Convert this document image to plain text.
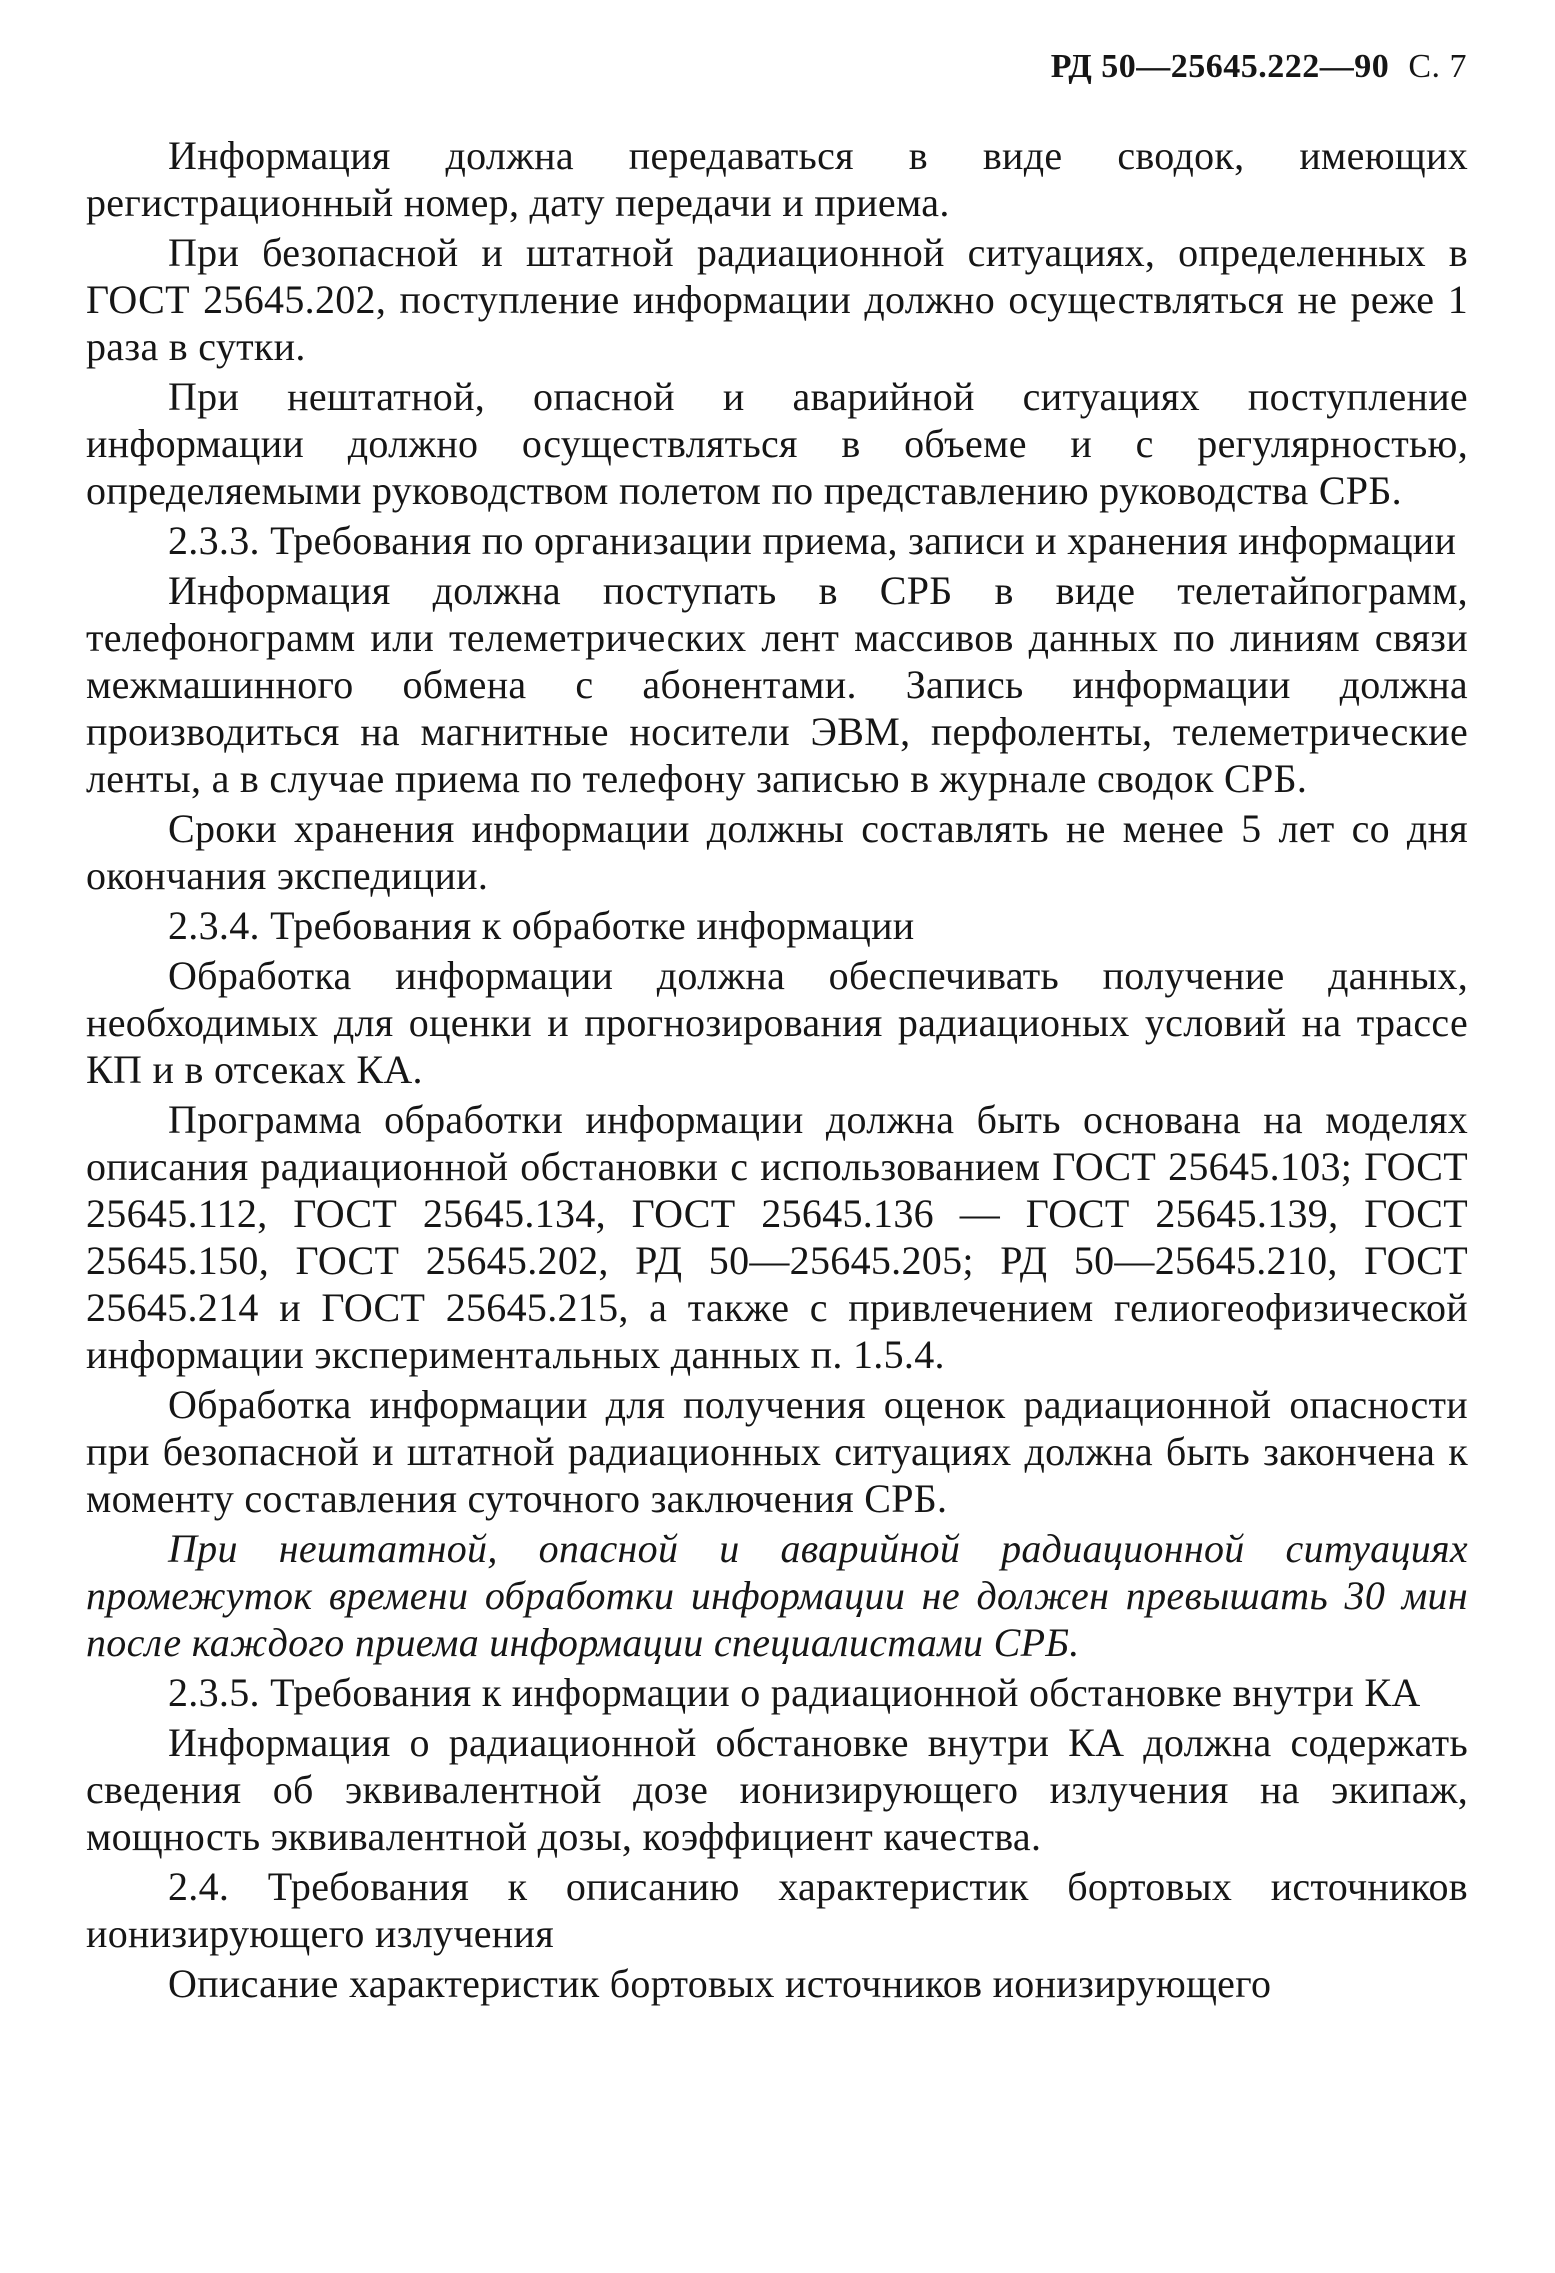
РД 50—25645.222—90 С. 7

Информация должна передаваться в виде сводок, имеющих регистрационный номер, дату передачи и приема.

При безопасной и штатной радиационной ситуациях, определенных в ГОСТ 25645.202, поступление информации должно осуществляться не реже 1 раза в сутки.

При нештатной, опасной и аварийной ситуациях поступление информации должно осуществляться в объеме и с регулярностью, определяемыми руководством полетом по представлению руководства СРБ.

2.3.3. Требования по организации приема, записи и хранения информации

Информация должна поступать в СРБ в виде телетайпограмм, телефонограмм или телеметрических лент массивов данных по линиям связи межмашинного обмена с абонентами. Запись информации должна производиться на магнитные носители ЭВМ, перфоленты, телеметрические ленты, а в случае приема по телефону записью в журнале сводок СРБ.

Сроки хранения информации должны составлять не менее 5 лет со дня окончания экспедиции.

2.3.4. Требования к обработке информации

Обработка информации должна обеспечивать получение данных, необходимых для оценки и прогнозирования радиационых условий на трассе КП и в отсеках КА.

Программа обработки информации должна быть основана на моделях описания радиационной обстановки с использованием ГОСТ 25645.103; ГОСТ 25645.112, ГОСТ 25645.134, ГОСТ 25645.136 — ГОСТ 25645.139, ГОСТ 25645.150, ГОСТ 25645.202, РД 50—25645.205; РД 50—25645.210, ГОСТ 25645.214 и ГОСТ 25645.215, а также с привлечением гелиогеофизической информации экспериментальных данных п. 1.5.4.

Обработка информации для получения оценок радиационной опасности при безопасной и штатной радиационных ситуациях должна быть закончена к моменту составления суточного заключения СРБ.

При нештатной, опасной и аварийной радиационной ситуациях промежуток времени обработки информации не должен превышать 30 мин после каждого приема информации специалистами СРБ.

2.3.5. Требования к информации о радиационной обстановке внутри КА

Информация о радиационной обстановке внутри КА должна содержать сведения об эквивалентной дозе ионизирующего излучения на экипаж, мощность эквивалентной дозы, коэффициент качества.

2.4. Требования к описанию характеристик бортовых источников ионизирующего излучения

Описание характеристик бортовых источников ионизирующего
